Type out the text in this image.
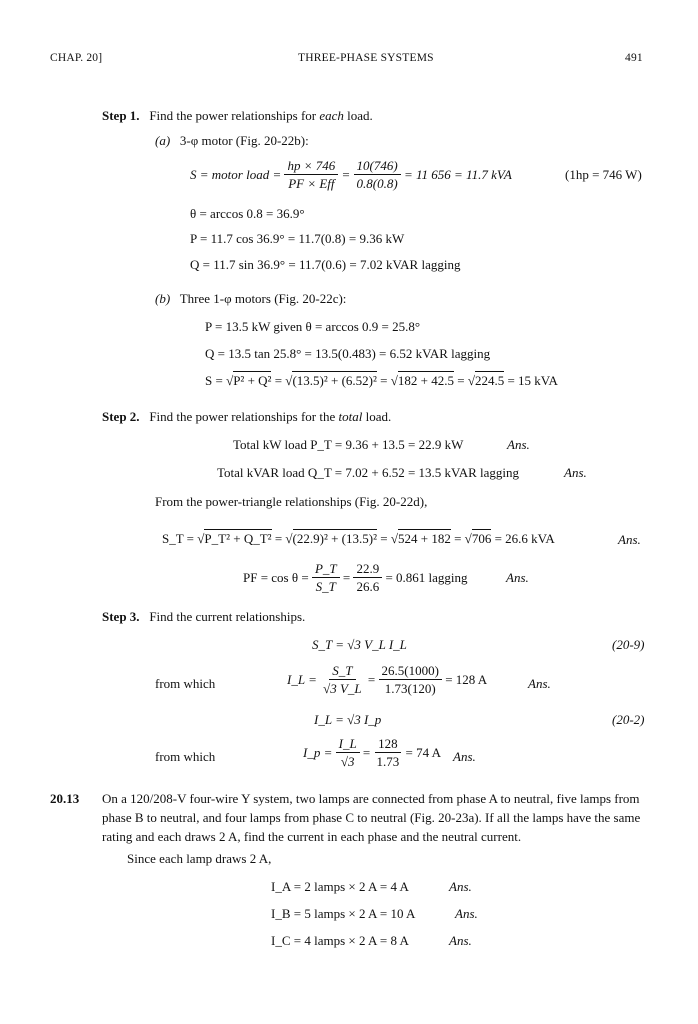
CHAP. 20]	THREE-PHASE SYSTEMS	491
Step 1. Find the power relationships for each load.
(a) 3-φ motor (Fig. 20-22b):
S = motor load =
$\frac{hp \times 746}{\text{PF × Eff}}$
=
$\frac{10(746)}{0.8(0.8)}$
= 11 656 = 11.7 kVA	(1hp = 746 W)
θ = arccos 0.8 = 36.9°
P = 11.7 cos 36.9° = 11.7(0.8) = 9.36 kW
Q = 11.7 sin 36.9° = 11.7(0.6) = 7.02 kVAR lagging
(b) Three 1-φ motors (Fig. 20-22c):
P = 13.5 kW given θ = arccos 0.9 = 25.8°
Q = 13.5 tan 25.8° = 13.5(0.483) = 6.52 kVAR lagging
S = √P² + Q² = √(13.5)² + (6.52)² = √182 + 42.5 = √224.5 = 15 kVA
Step 2. Find the power relationships for the total load.
Total kW load P_T = 9.36 + 13.5 = 22.9 kW	Ans.
Total kVAR load Q_T = 7.02 + 6.52 = 13.5 kVAR lagging	Ans.
From the power-triangle relationships (Fig. 20-22d),
S_T = √P_T² + Q_T² = √(22.9)² + (13.5)² = √524 + 182 = √706 = 26.6 kVA	Ans.
PF = cos θ =
$\frac{P\_T}{S\_T}$
=
$\frac{22.9}{26.6}$
= 0.861 lagging	Ans.
Step 3. Find the current relationships.
S_T = √3 V_L I_L	(20-9)
from which	I_L =
$\frac{S\_T}{√3 V\_L}$
=
$\frac{26.5(1000)}{1.73(120)}$
= 128 A	Ans.
I_L = √3 I_p	(20-2)
from which	I_p =
$\frac{I\_L}{√3}$
=
$\frac{128}{1.73}$
= 74 A Ans.
20.13 On a 120/208-V four-wire Y system, two lamps are connected from phase A to neutral, five lamps from phase B to neutral, and four lamps from phase C to neutral (Fig. 20-23a). If all the lamps have the same rating and each draws 2 A, find the current in each phase and the neutral current.
Since each lamp draws 2 A,
I_A = 2 lamps × 2 A = 4 A	Ans.
I_B = 5 lamps × 2 A = 10 A	Ans.
I_C = 4 lamps × 2 A = 8 A	Ans.
